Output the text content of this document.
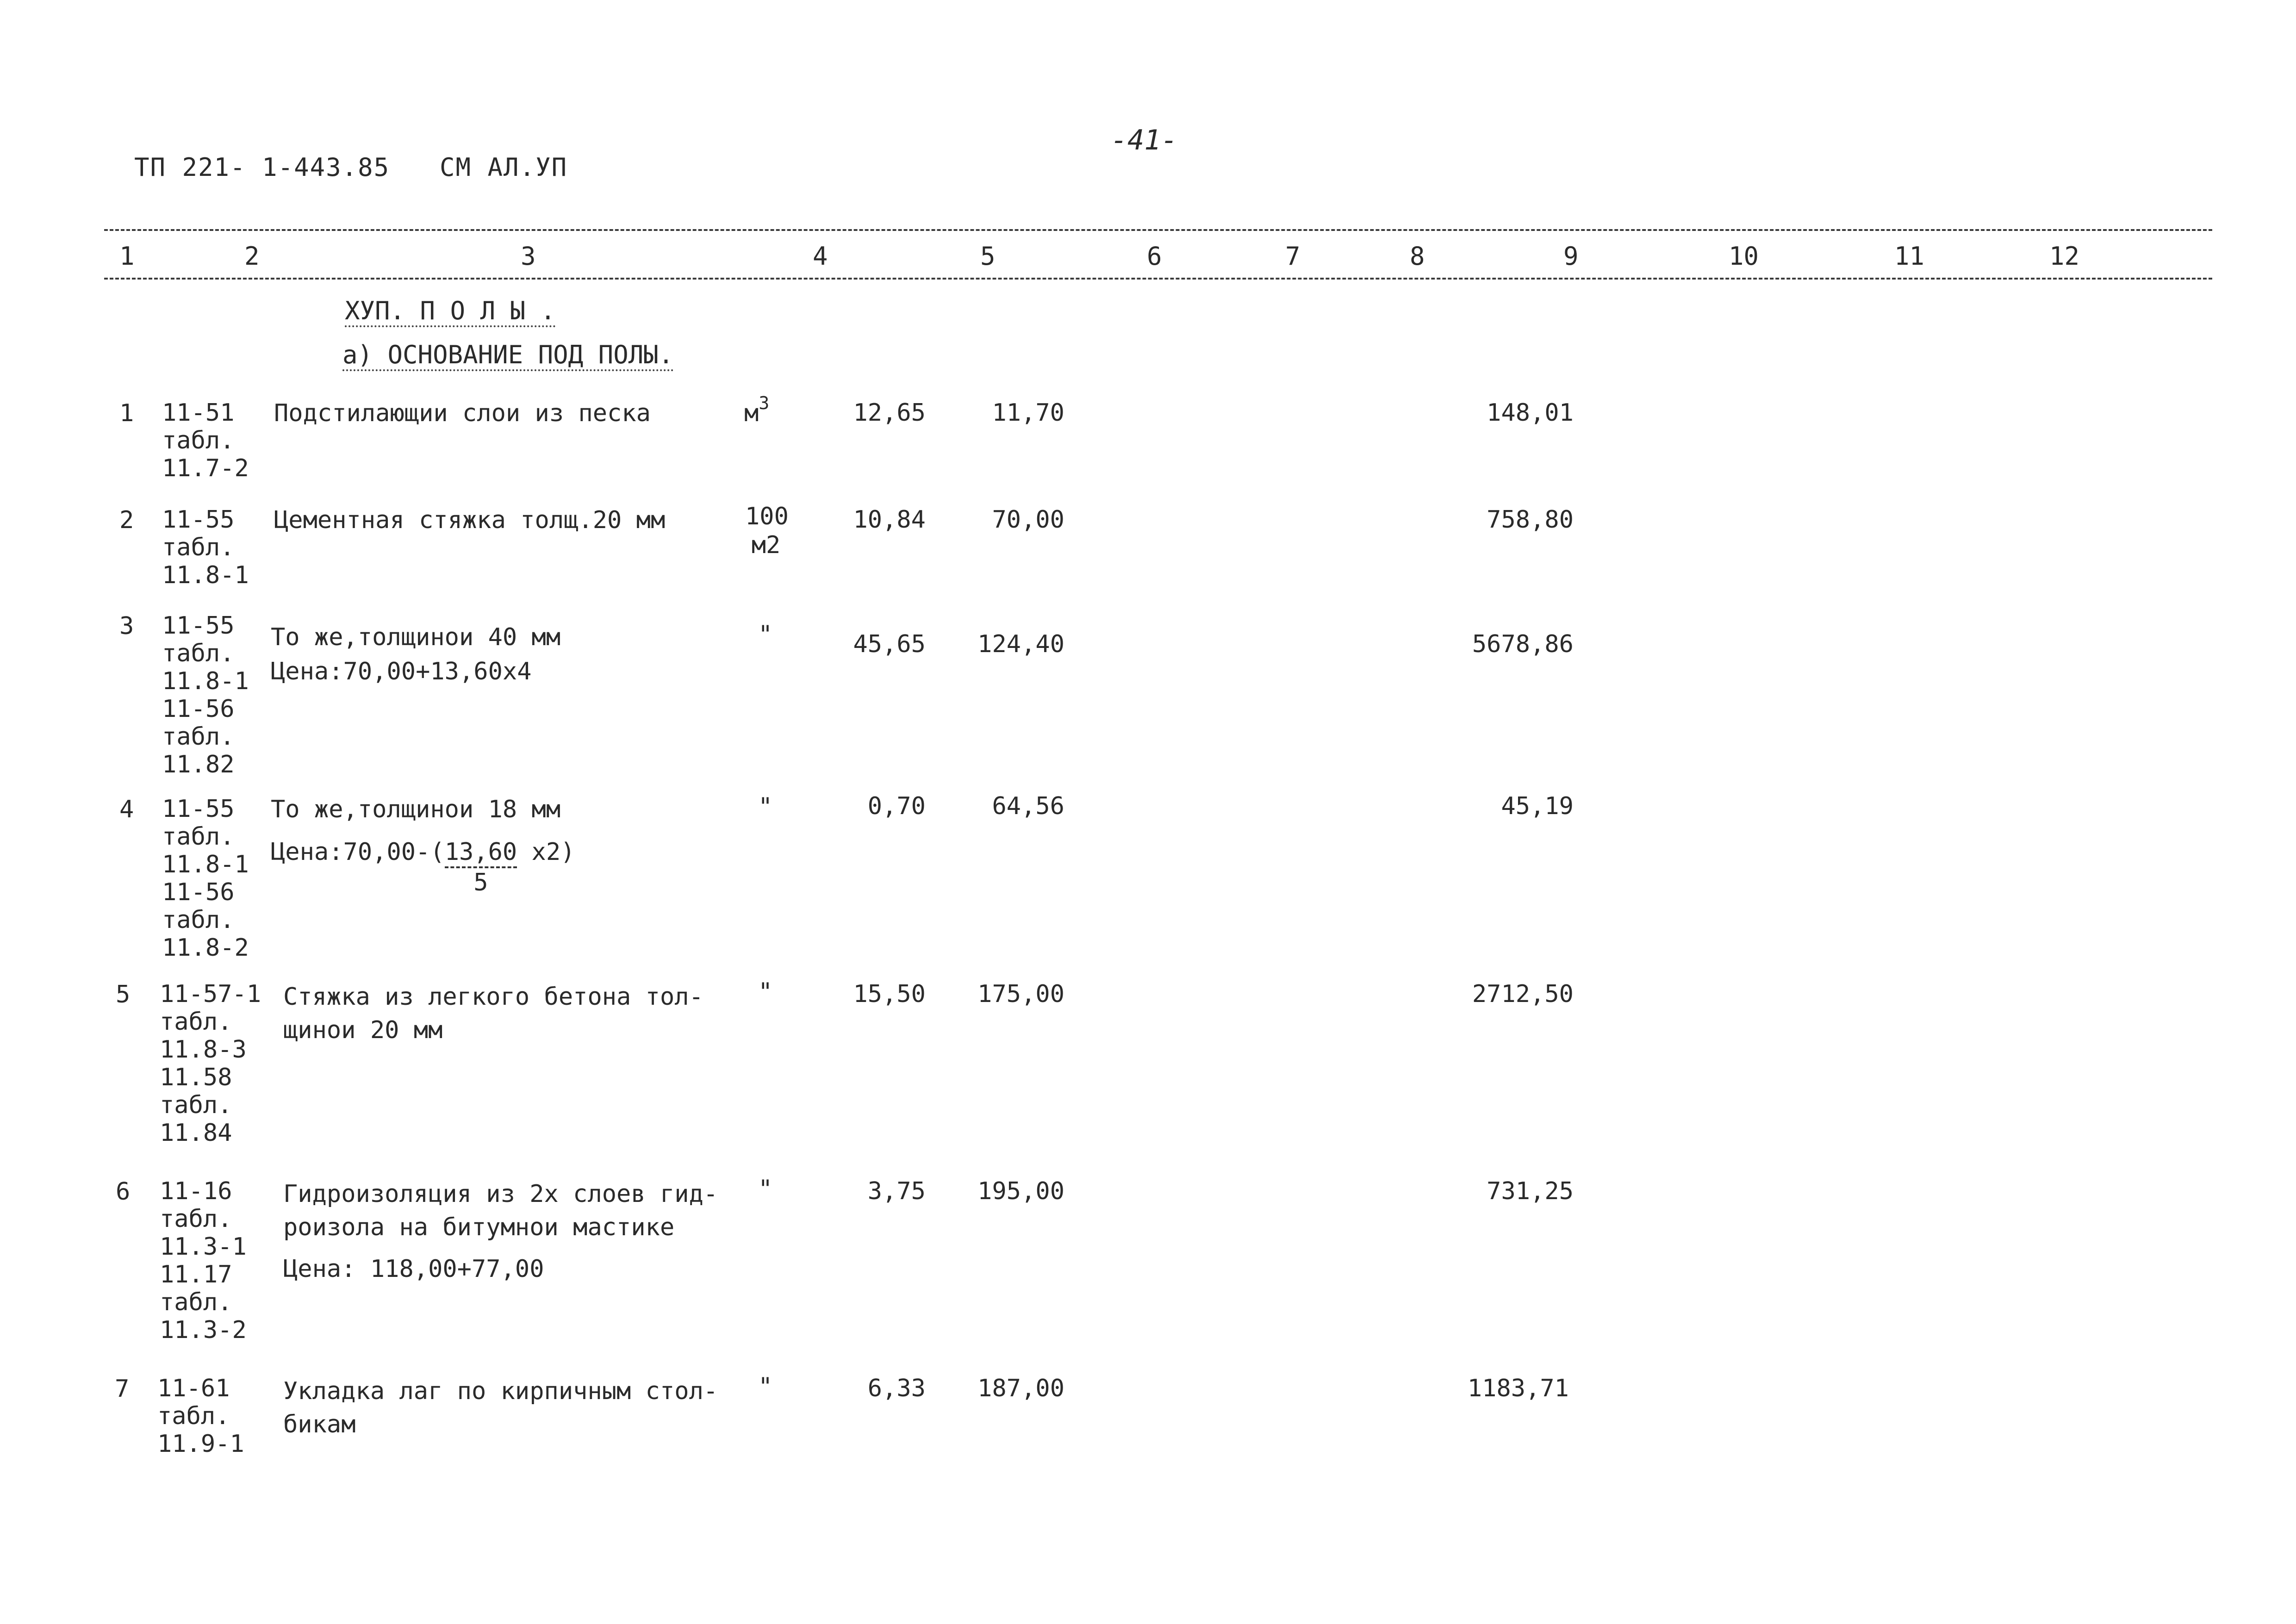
ТП 221- 1-443.85 СМ АЛ.УП
-41-
1	2	3	4	5	6	7	8	9	10	11	12
ХУП. П О Л Ы .
а) ОСНОВАНИЕ ПОД ПОЛЫ.
1 11-51
табл.
11.7-2
Подстилающии слои из песка	$м^3$	12,65	11,70	148,01
2 11-55
табл.
11.8-1
Цементная стяжка толщ.20 мм	100
м2
10,84	70,00	758,80
3 11-55
табл.
11.8-1
11-56
табл.
11.82
То же,толщинои 40 мм
Цена:70,00+13,60х4
"	45,65 124,40	5678,86
4 11-55
табл.
11.8-1
11-56
табл.
11.8-2
То же,толщинои 18 мм
Цена:70,00-( $\frac{13,60}{5} х2$)
"	0,70	64,56	45,19
5 11-57-1
табл.
11.8-3
11.58
табл.
11.84
Стяжка из легкого бетона тол-
щинои 20 мм
"	15,50 175,00	2712,50
6 11-16
табл.
11.3-1
11.17
табл.
11.3-2
Гидроизоляция из 2х слоев гид-
роизола на битумнои мастике
Цена: 118,00+77,00
"	3,75 195,00	731,25
7 11-61
табл.
11.9-1
Укладка лаг по кирпичным стол-
бикам
"	6,33 187,00	1183,71
